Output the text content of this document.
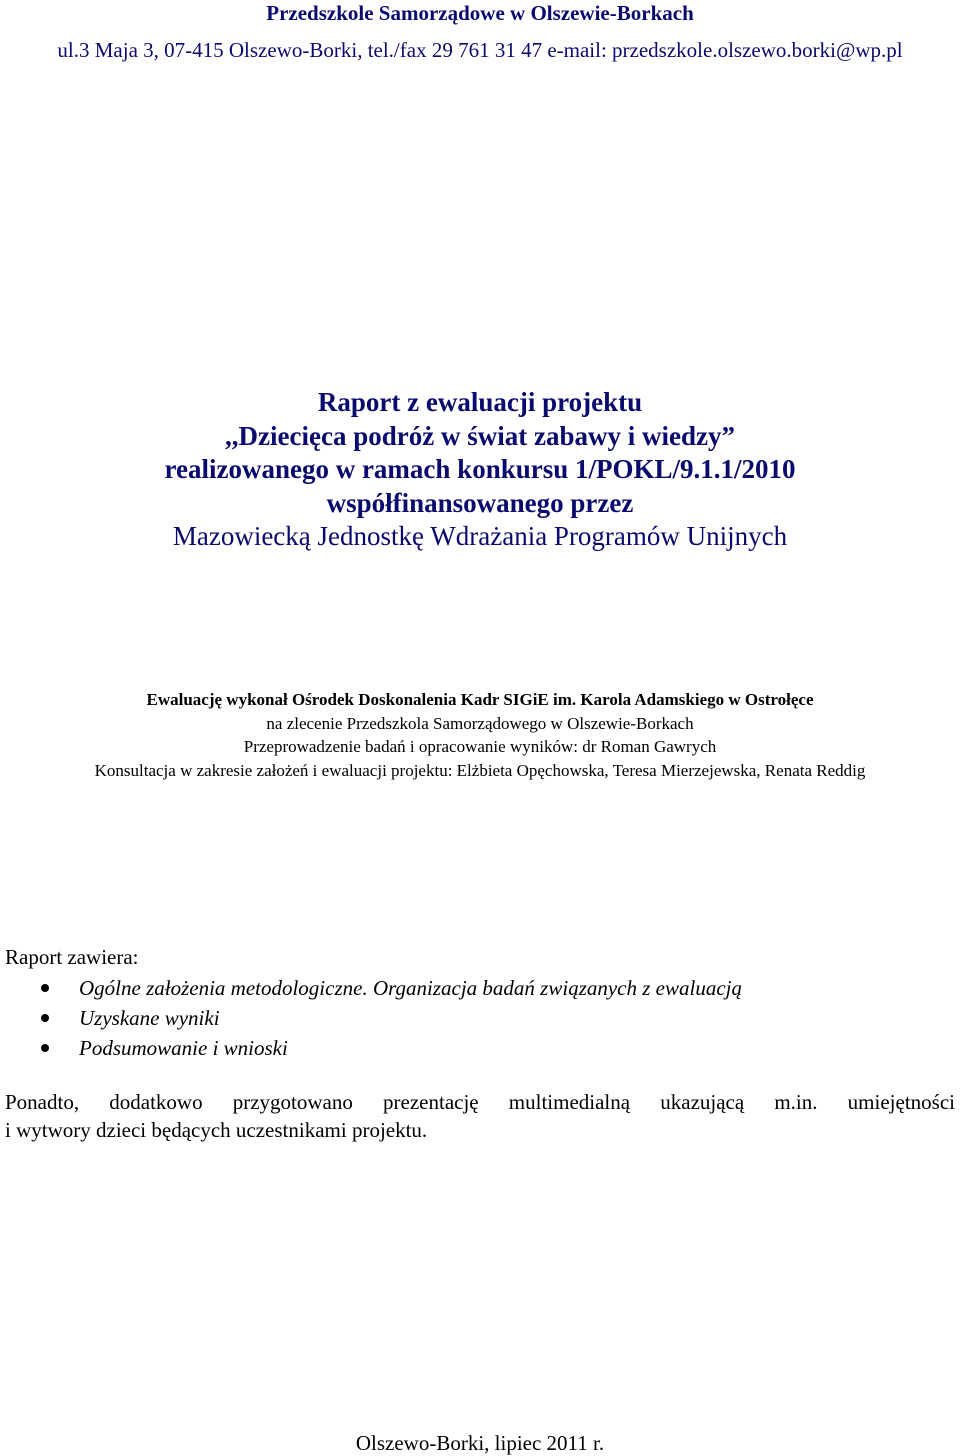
Przedszkole Samorządowe w Olszewie-Borkach
ul.3 Maja 3, 07-415 Olszewo-Borki, tel./fax 29 761 31 47 e-mail: przedszkole.olszewo.borki@wp.pl
Raport z ewaluacji projektu
,,Dziecięca podróż w świat zabawy i wiedzy”
realizowanego w ramach konkursu 1/POKL/9.1.1/2010
współfinansowanego przez
Mazowiecką Jednostkę Wdrażania Programów Unijnych
Ewaluację wykonał Ośrodek Doskonalenia Kadr SIGiE im. Karola Adamskiego w Ostrołęce
na zlecenie Przedszkola Samorządowego w Olszewie-Borkach
Przeprowadzenie badań i opracowanie wyników: dr Roman Gawrych
Konsultacja w zakresie założeń i ewaluacji projektu: Elżbieta Opęchowska, Teresa Mierzejewska, Renata Reddig
Raport zawiera:
Ogólne założenia metodologiczne. Organizacja badań związanych z ewaluacją
Uzyskane wyniki
Podsumowanie i wnioski
Ponadto, dodatkowo przygotowano prezentację multimedialną ukazującą m.in. umiejętności
i wytwory dzieci będących uczestnikami projektu.
Olszewo-Borki, lipiec 2011 r.
